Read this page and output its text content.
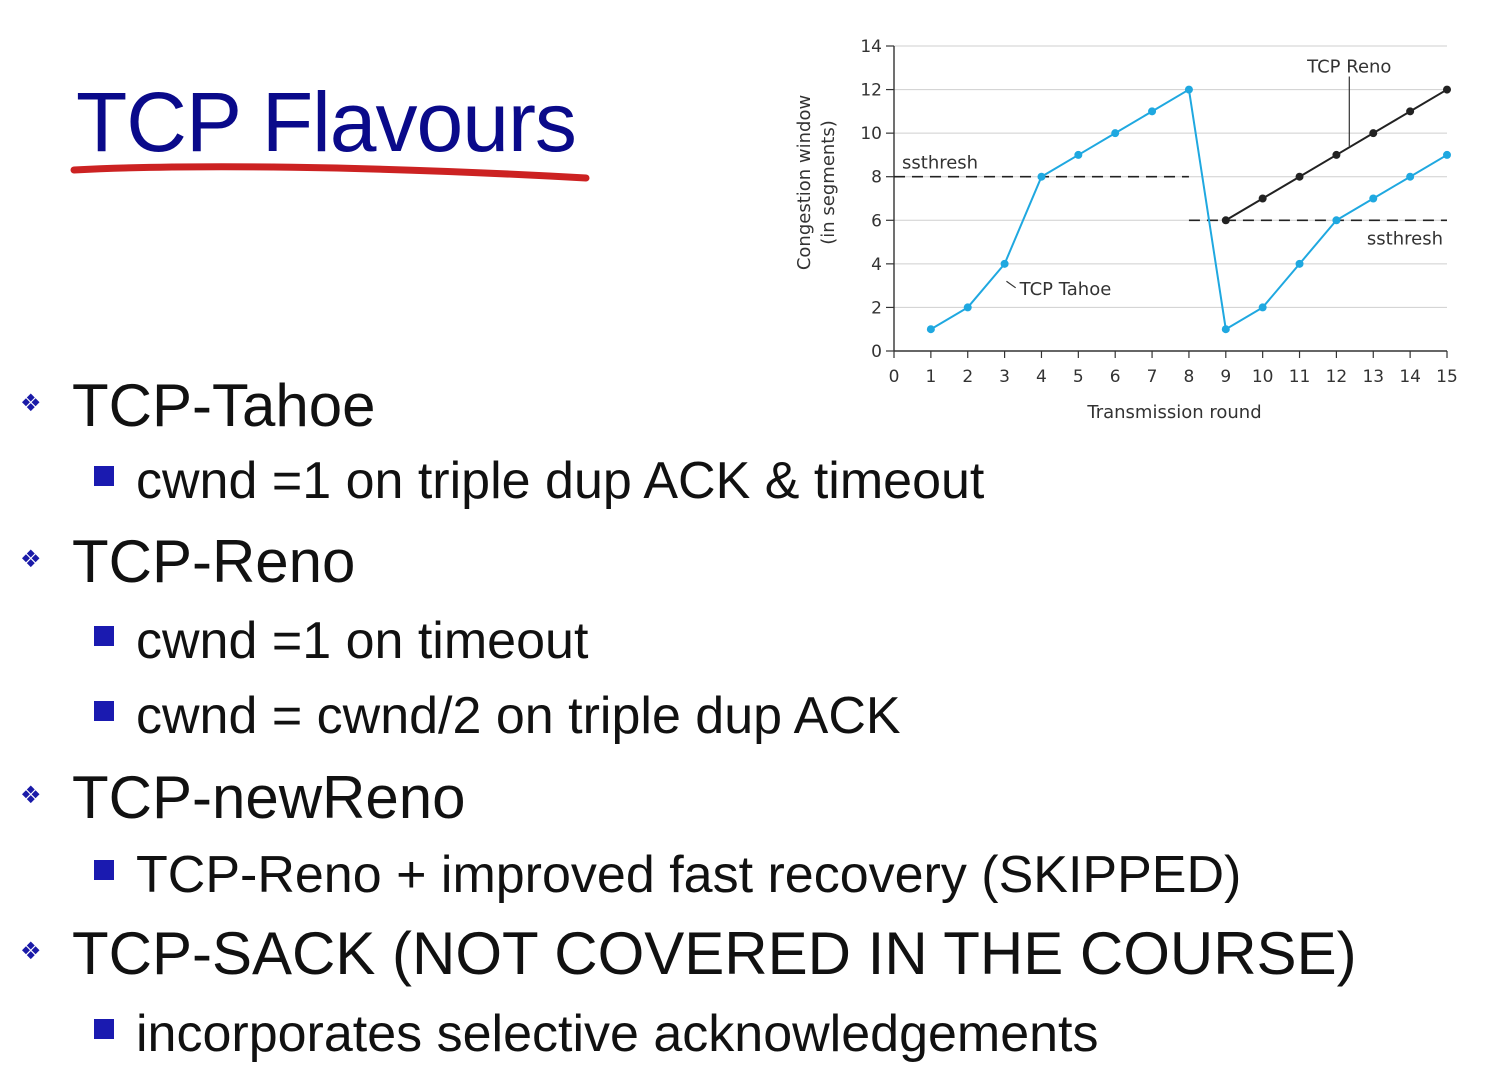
TCP Flavours
❖ TCP-Tahoe
cwnd =1 on triple dup ACK & timeout
❖ TCP-Reno
cwnd =1 on timeout
cwnd = cwnd/2 on triple dup ACK
❖ TCP-newReno
TCP-Reno + improved fast recovery (SKIPPED)
❖ TCP-SACK (NOT COVERED IN THE COURSE)
incorporates selective acknowledgements
0
2
4
6
8
10
12
14
0 1 2 3 4 5 6 7 8 9 10 11 12 13 14 15
Transmission round
Congestion window (in segments)	ssthresh
ssthresh
TCP Tahoe
TCP Reno
